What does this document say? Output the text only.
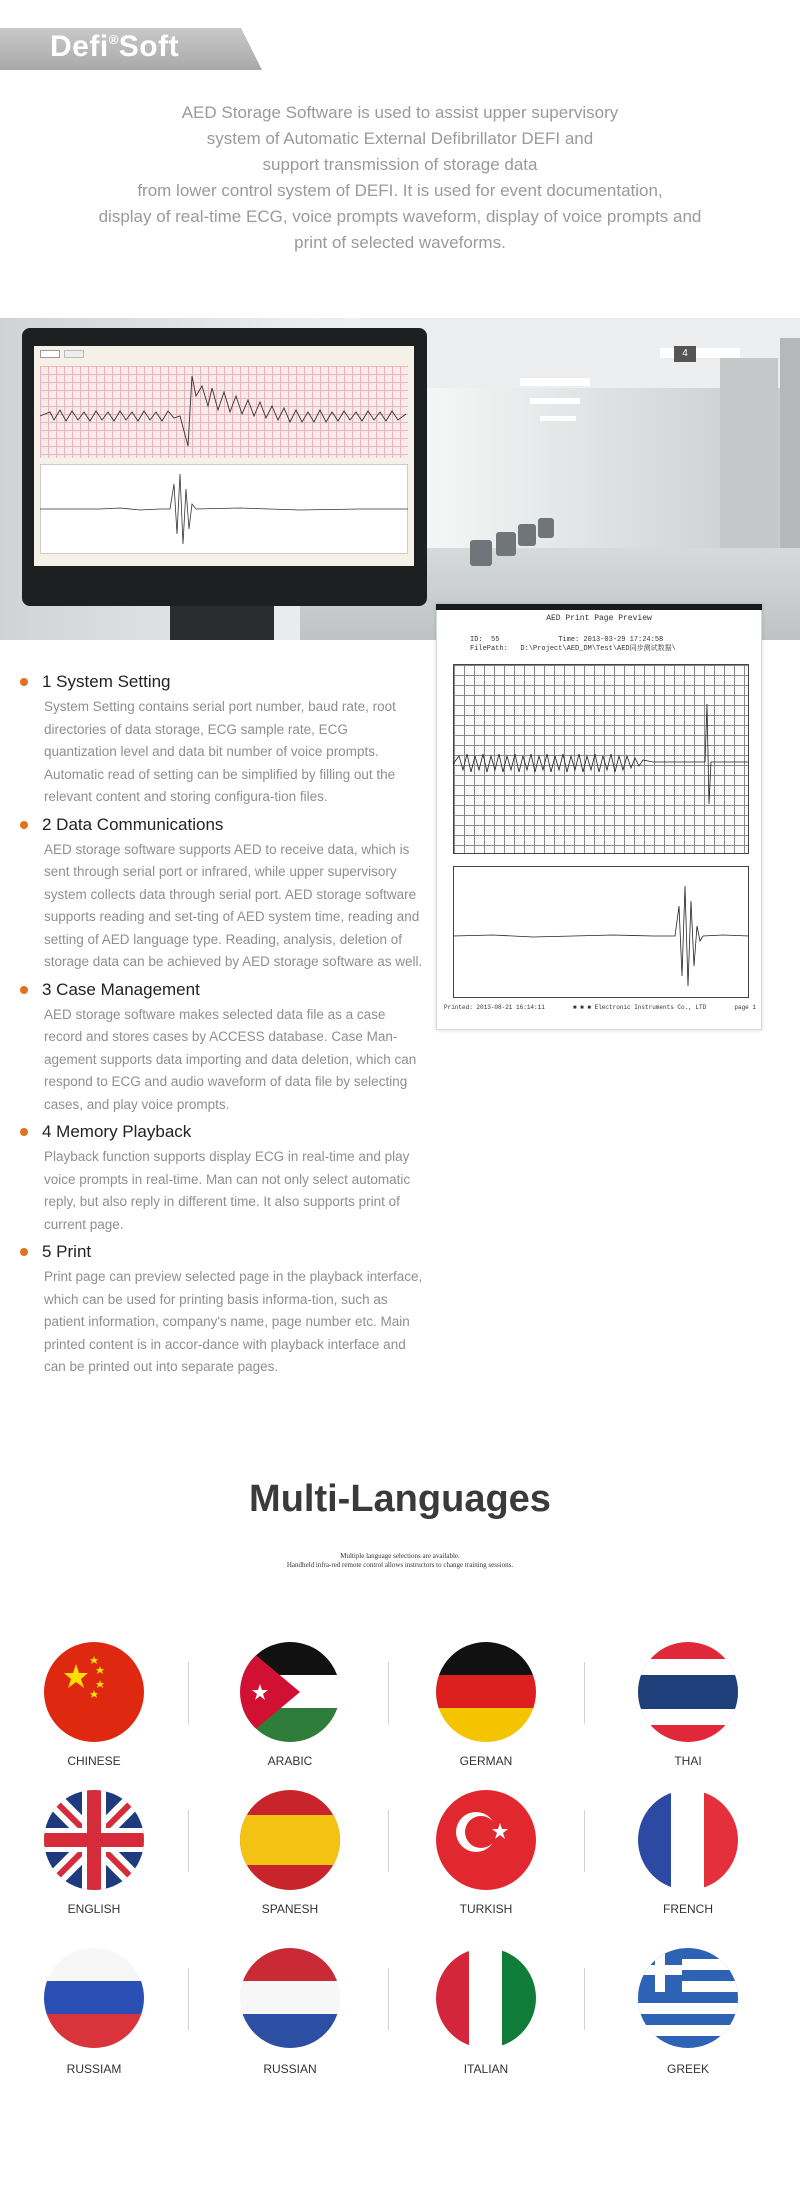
Defi®Soft
AED Storage Software is used to assist upper supervisory
system of Automatic External Defibrillator DEFI and
support transmission of storage data
from lower control system of DEFI. It is used for event documentation,
display of real-time ECG, voice prompts waveform, display of voice prompts and
print of selected waveforms.
4
AED Print Page Preview
ID:  55              Time: 2013-03-29 17:24:58
FilePath:   D:\Project\AED_DM\Test\AED同步测试数据\
Printed: 2013-08-21 16:14:11	■ ■ ■ Electronic Instruments Co., LTD	page 1
1 System Setting
System Setting contains serial port number, baud rate, root directories of data storage, ECG sample rate, ECG quantization level and data bit number of voice prompts. Automatic read of setting can be simplified by filling out the relevant content and storing configura-tion files.
2 Data Communications
AED storage software supports AED to receive data, which is sent through serial port or infrared, while upper supervisory system collects data through serial port. AED storage software supports reading and set-ting of AED system time, reading and setting of AED language type. Reading, analysis, deletion of storage data can be achieved by AED storage software as well.
3 Case Management
AED storage software makes selected data file as a case record and stores cases by ACCESS database. Case Man-agement supports data importing and data deletion, which can respond to ECG and audio waveform of data file by selecting cases, and play voice prompts.
4 Memory Playback
Playback function supports display ECG in real-time and play voice prompts in real-time. Man can not only select automatic reply, but also reply in different time. It also supports print of current page.
5 Print
Print page can preview selected page in the playback interface, which can be used for printing basis informa-tion, such as patient information, company's name, page number etc. Main printed content is in accor-dance with playback interface and can be printed out into separate pages.
Multi-Languages
Multiple language selections are available.
Handheld infra-red remote control allows instructors to change training sessions.
CHINESE	ARABIC	GERMAN	THAI
ENGLISH	SPANESH	TURKISH	FRENCH
RUSSIAM	RUSSIAN	ITALIAN	GREEK
